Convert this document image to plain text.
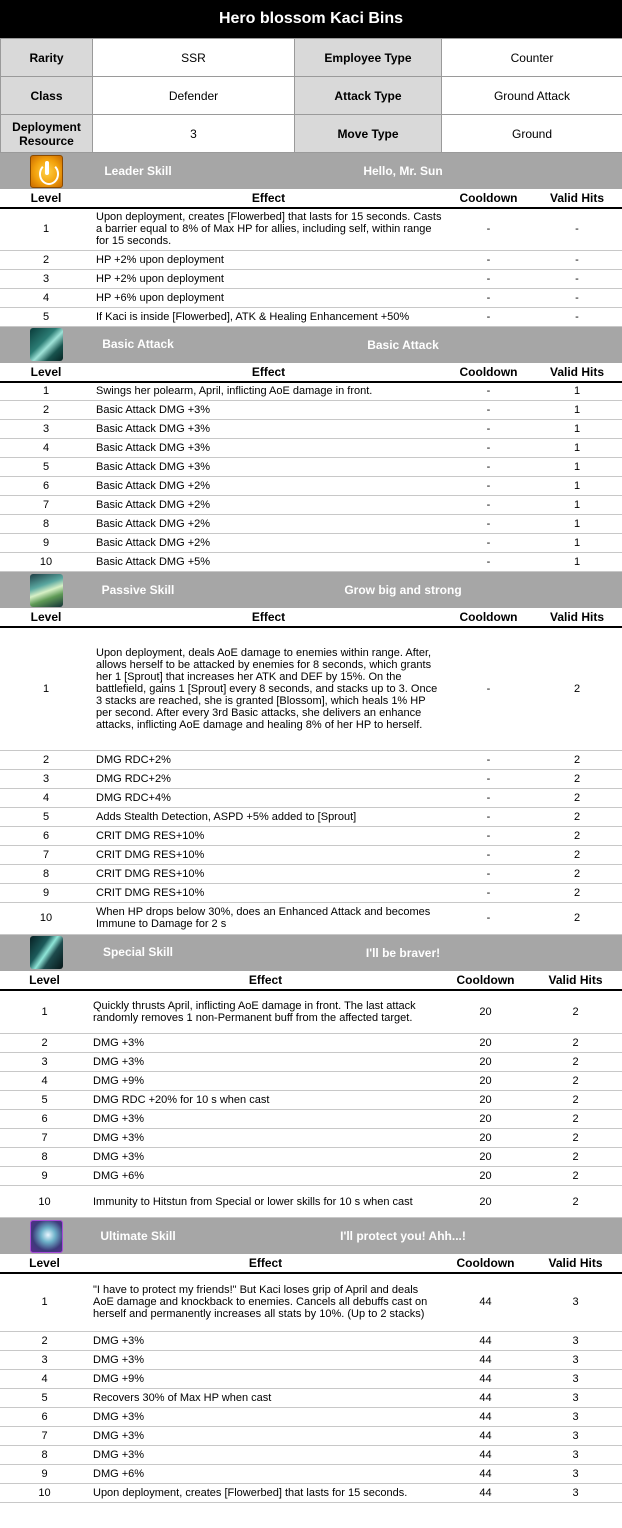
Hero blossom Kaci Bins
Rarity	SSR	Employee Type	Counter
Class	Defender	Attack Type	Ground Attack
Deployment Resource	3	Move Type	Ground
Leader Skill	Hello, Mr. Sun
Level	Effect	Cooldown	Valid Hits
1	Upon deployment, creates [Flowerbed] that lasts for 15 seconds. Casts a barrier equal to 8% of Max HP for allies, including self, within range for 15 seconds.	-	-
2	HP +2% upon deployment	-	-
3	HP +2% upon deployment	-	-
4	HP +6% upon deployment	-	-
5	If Kaci is inside [Flowerbed], ATK & Healing Enhancement +50%	-	-
Basic Attack	Basic Attack
Level	Effect	Cooldown	Valid Hits
1	Swings her polearm, April, inflicting AoE damage in front.	-	1
2	Basic Attack DMG +3%	-	1
3	Basic Attack DMG +3%	-	1
4	Basic Attack DMG +3%	-	1
5	Basic Attack DMG +3%	-	1
6	Basic Attack DMG +2%	-	1
7	Basic Attack DMG +2%	-	1
8	Basic Attack DMG +2%	-	1
9	Basic Attack DMG +2%	-	1
10	Basic Attack DMG +5%	-	1
Passive Skill	Grow big and strong
Level	Effect	Cooldown	Valid Hits
1	Upon deployment, deals AoE damage to enemies within range. After, allows herself to be attacked by enemies for 8 seconds, which grants her 1 [Sprout] that increases her ATK and DEF by 15%. On the battlefield, gains 1 [Sprout] every 8 seconds, and stacks up to 3. Once 3 stacks are reached, she is granted [Blossom], which heals 1% HP per second. After every 3rd Basic attacks, she delivers an enhance attacks, inflicting AoE damage and healing 8% of her HP to herself.	-	2
2	DMG RDC+2%	-	2
3	DMG RDC+2%	-	2
4	DMG RDC+4%	-	2
5	Adds Stealth Detection, ASPD +5% added to [Sprout]	-	2
6	CRIT DMG RES+10%	-	2
7	CRIT DMG RES+10%	-	2
8	CRIT DMG RES+10%	-	2
9	CRIT DMG RES+10%	-	2
10	When HP drops below 30%, does an Enhanced Attack and becomes Immune to Damage for 2 s	-	2
Special Skill	I'll be braver!
Level	Effect	Cooldown	Valid Hits
1	Quickly thrusts April, inflicting AoE damage in front. The last attack randomly removes 1 non-Permanent buff from the affected target.	20	2
2	DMG +3%	20	2
3	DMG +3%	20	2
4	DMG +9%	20	2
5	DMG RDC +20% for 10 s when cast	20	2
6	DMG +3%	20	2
7	DMG +3%	20	2
8	DMG +3%	20	2
9	DMG +6%	20	2
10	Immunity to Hitstun from Special or lower skills for 10 s when cast	20	2
Ultimate Skill	I'll protect you! Ahh...!
Level	Effect	Cooldown	Valid Hits
1	"I have to protect my friends!" But Kaci loses grip of April and deals AoE damage and knockback to enemies. Cancels all debuffs cast on herself and permanently increases all stats by 10%. (Up to 2 stacks)	44	3
2	DMG +3%	44	3
3	DMG +3%	44	3
4	DMG +9%	44	3
5	Recovers 30% of Max HP when cast	44	3
6	DMG +3%	44	3
7	DMG +3%	44	3
8	DMG +3%	44	3
9	DMG +6%	44	3
10	Upon deployment, creates [Flowerbed] that lasts for 15 seconds.	44	3
